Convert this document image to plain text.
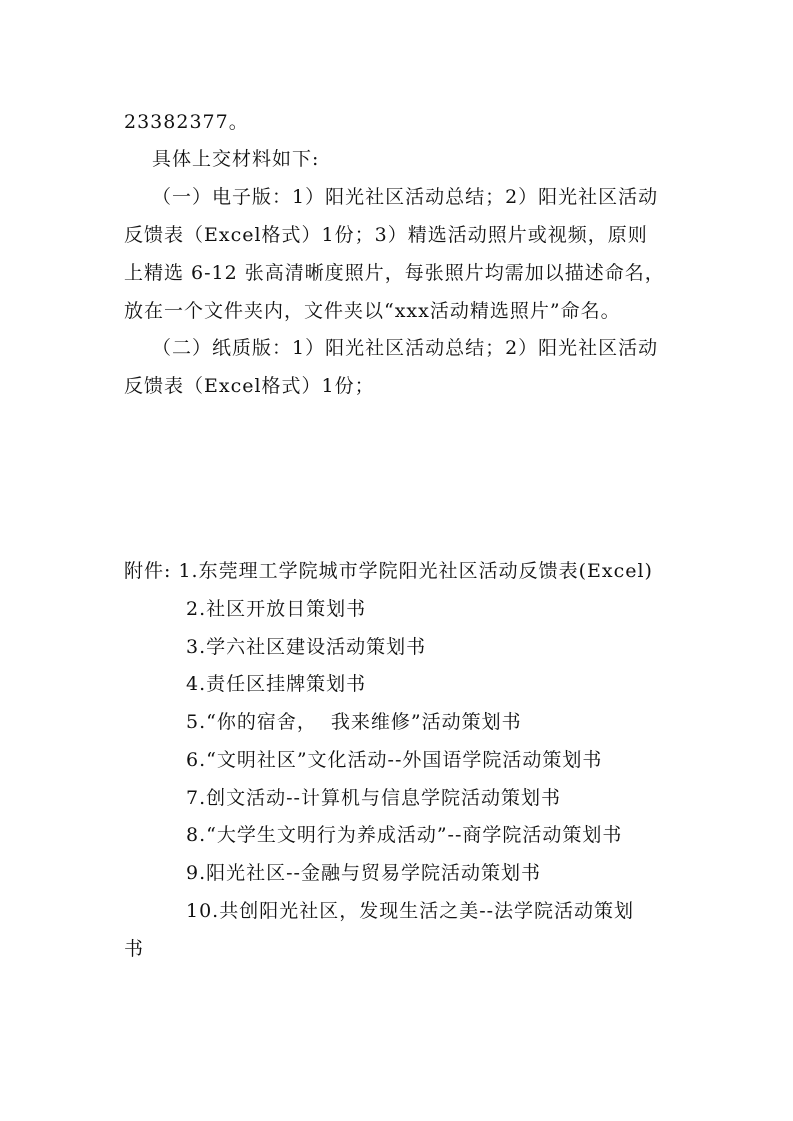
23382377。
具体上交材料如下:
（一）电子版：1）阳光社区活动总结；2）阳光社区活动
反馈表（Excel格式）1份；3）精选活动照片或视频，原则
上精选 6-12 张高清晰度照片，每张照片均需加以描述命名，
放在一个文件夹内，文件夹以“xxx活动精选照片”命名。
（二）纸质版：1）阳光社区活动总结；2）阳光社区活动
反馈表（Excel格式）1份；
附件: 1.东莞理工学院城市学院阳光社区活动反馈表(Excel)
2.社区开放日策划书
3.学六社区建设活动策划书
4.责任区挂牌策划书
5.“你的宿舍，  我来维修”活动策划书
6.“文明社区”文化活动--外国语学院活动策划书
7.创文活动--计算机与信息学院活动策划书
8.“大学生文明行为养成活动”--商学院活动策划书
9.阳光社区--金融与贸易学院活动策划书
10.共创阳光社区，发现生活之美--法学院活动策划
书
